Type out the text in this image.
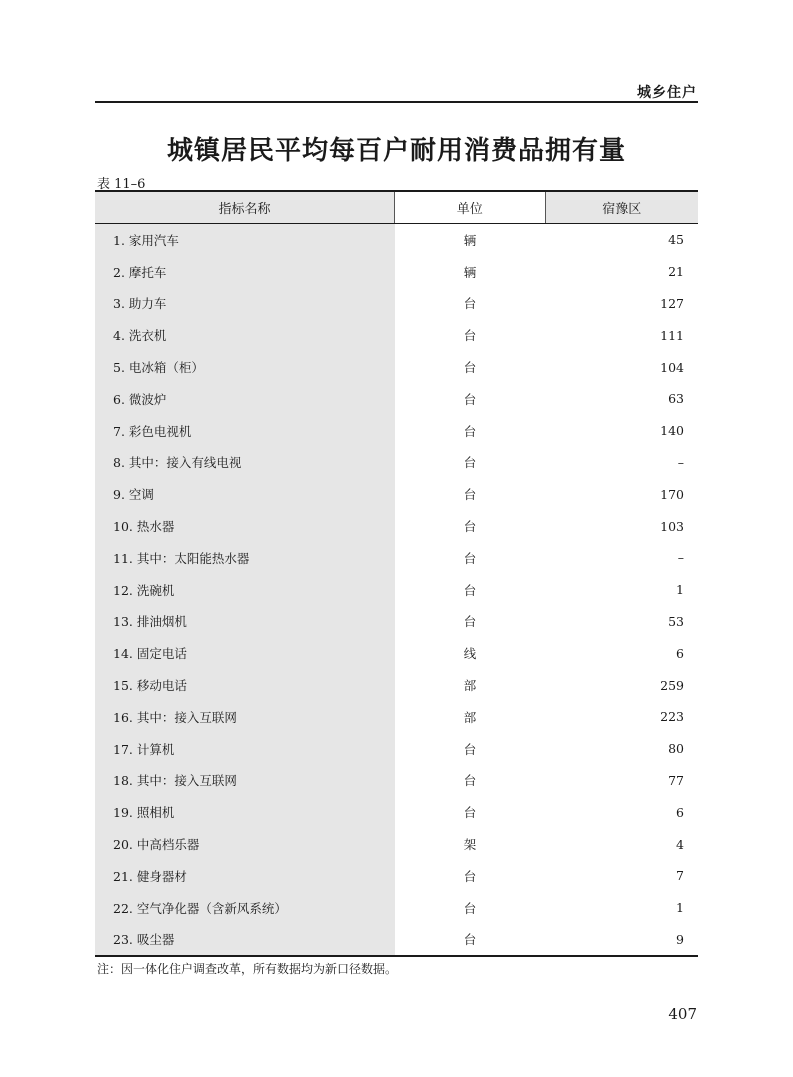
城乡住户
城镇居民平均每百户耐用消费品拥有量
表 11–6
指标名称	单位	宿豫区
1. 家用汽车	辆	45
2. 摩托车	辆	21
3. 助力车	台	127
4. 洗衣机	台	111
5. 电冰箱（柜）	台	104
6. 微波炉	台	63
7. 彩色电视机	台	140
8. 其中：接入有线电视	台	–
9. 空调	台	170
10. 热水器	台	103
11. 其中：太阳能热水器	台	–
12. 洗碗机	台	1
13. 排油烟机	台	53
14. 固定电话	线	6
15. 移动电话	部	259
16. 其中：接入互联网	部	223
17. 计算机	台	80
18. 其中：接入互联网	台	77
19. 照相机	台	6
20. 中高档乐器	架	4
21. 健身器材	台	7
22. 空气净化器（含新风系统）	台	1
23. 吸尘器	台	9
注：因一体化住户调查改革，所有数据均为新口径数据。
407
